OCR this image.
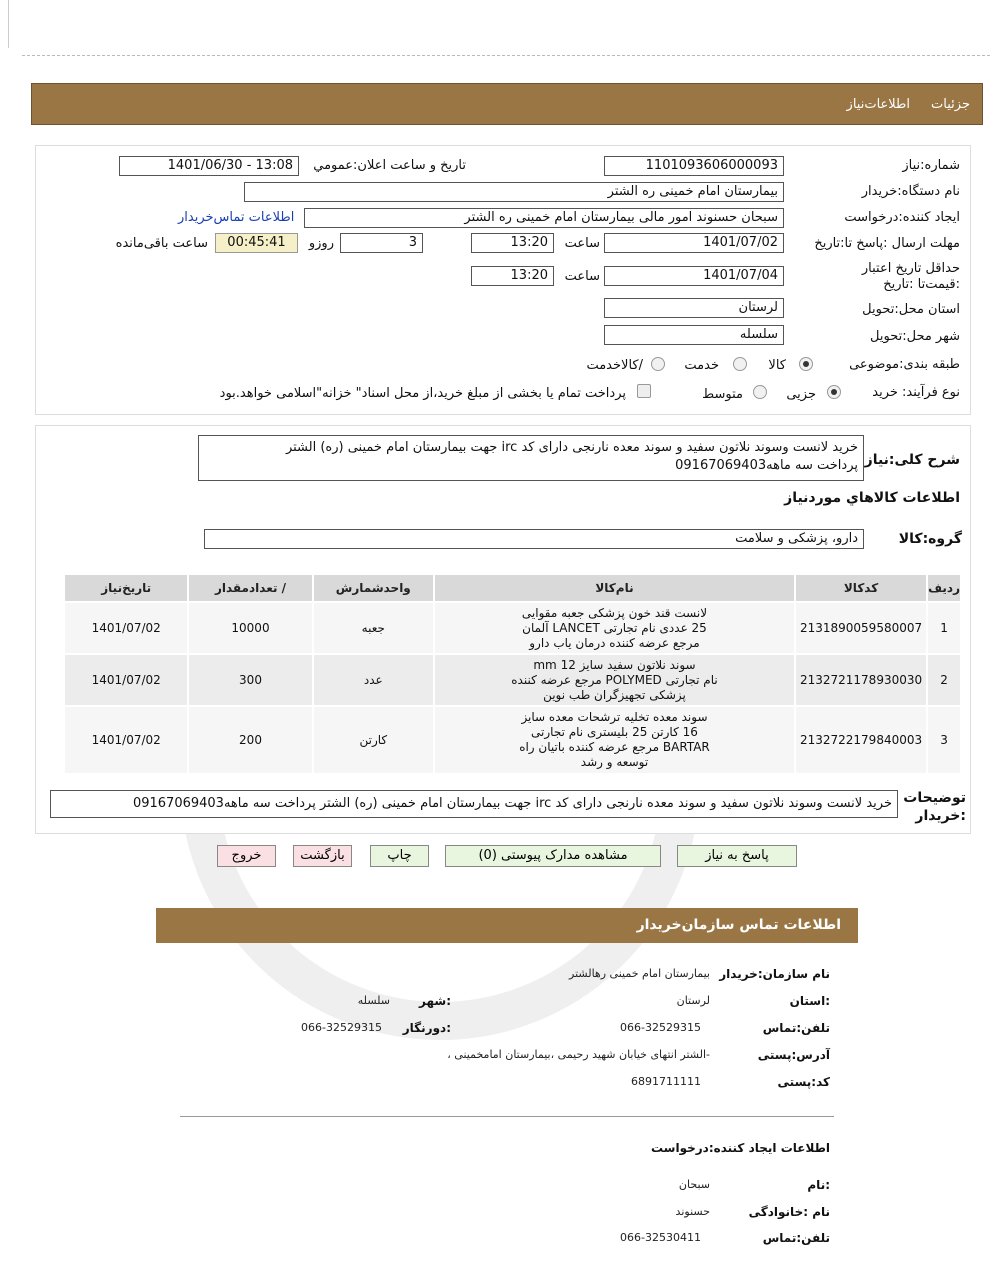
جزئیات
اطلاعات‌نیاز
شماره:نیاز
1101093606000093
تاریخ و ساعت اعلان:عمومي
1401/06/30 - 13:08
نام دستگاه:خریدار
بیمارستان امام خمینی ره الشتر
ایجاد کننده:درخواست
سبحان حسنوند امور مالی بیمارستان امام خمینی ره الشتر
اطلاعات تماس‌خریدار
مهلت ارسال :پاسخ تا:تاریخ
1401/07/02
ساعت
13:20
3
روزو
00:45:41
ساعت باقی‌مانده
حداقل تاریخ اعتبار :قیمت‌تا :تاریخ
1401/07/04
ساعت
13:20
استان محل:تحویل
لرستان
شهر محل:تحویل
سلسله
طبقه بندی:موضوعی
کالا
خدمت
/کالاخدمت
نوع فرآیند: خرید
جزیی
متوسط
پرداخت تمام یا بخشی از مبلغ خرید،از محل اسناد" خزانه"اسلامی خواهد.بود
شرح کلی:نیاز
خرید لانست وسوند نلاتون سفید و سوند معده نارنجی دارای کد irc جهت بیمارستان امام خمینی (ره) الشتر
پرداخت سه ماهه09167069403
اطلاعات کالاهاي موردنیاز
گروه:کالا
دارو، پزشکی و سلامت
ردیف	کدکالا	نام‌کالا	واحدشمارش	/ تعدادمقدار	تاریخ‌نیاز
1	2131890059580007	لانست قند خون پزشکی جعبه مقوایی
25 عددی نام تجارتی LANCET آلمان
مرجع عرضه کننده درمان یاب دارو	جعبه	10000	1401/07/02
2	2132721178930030	سوند نلاتون سفید سایز 12 mm
نام تجارتی POLYMED مرجع عرضه کننده
پزشکی تجهیزگران طب نوین	عدد	300	1401/07/02
3	2132722179840003	سوند معده تخلیه ترشحات معده سایز
16 کارتن 25 بلیستری نام تجارتی
BARTAR مرجع عرضه کننده باتیان راه
توسعه و رشد	کارتن	200	1401/07/02
توضیحات
:خریدار
خرید لانست وسوند نلاتون سفید و سوند معده نارنجی دارای کد irc جهت بیمارستان امام خمینی (ره) الشتر پرداخت سه ماهه09167069403
پاسخ به نیاز
مشاهده مدارک پیوستی (0)
چاپ
بازگشت
خروج
اطلاعات تماس سازمان‌خریدار
نام سازمان:خریدار
بیمارستان امام خمینی رهالشتر
:استان
لرستان
:شهر
سلسله
تلفن:تماس
066-32529315
:دورنگار
066-32529315
آدرس:پستی
-الشتر انتهای خیابان شهید رحیمی ،بیمارستان امامخمینی ،
کد:پستی
6891711111
اطلاعات ایجاد کننده:درخواست
:نام
سبحان
نام :خانوادگی
حسنوند
تلفن:تماس
066-32530411
